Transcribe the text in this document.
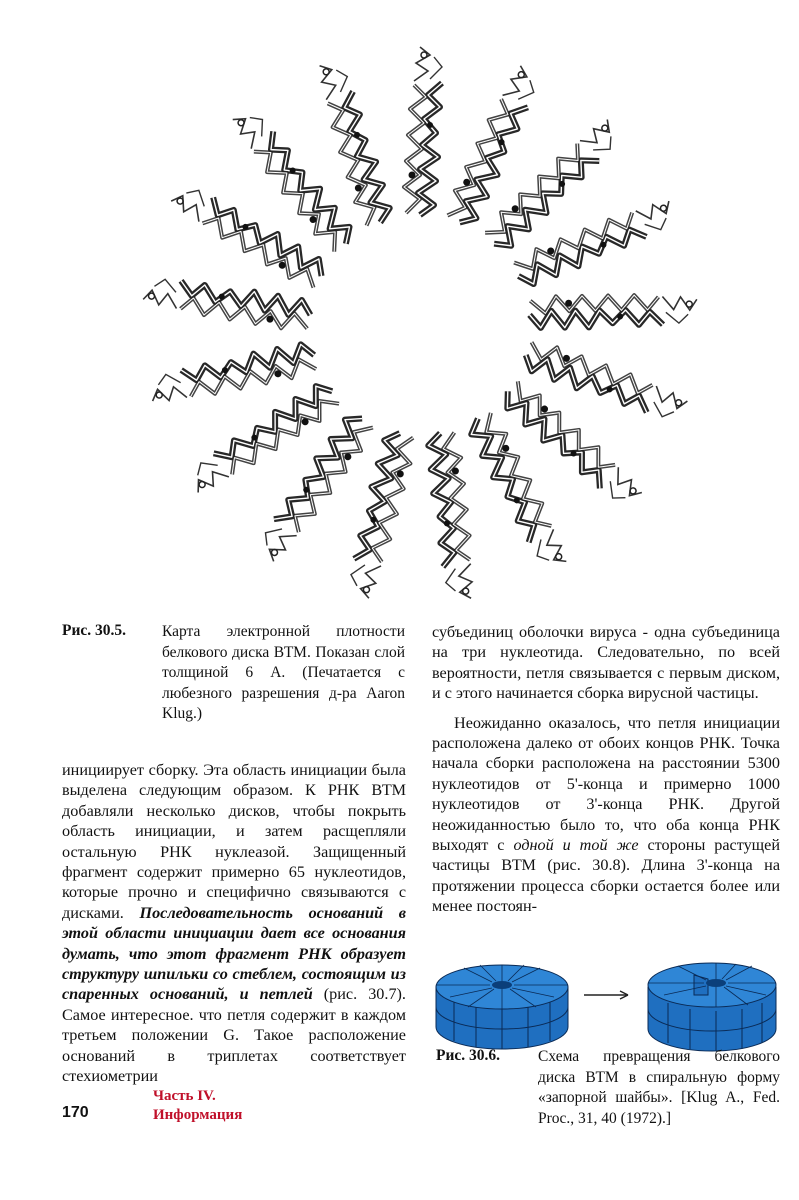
Рис. 30.5. Карта электронной плотности белкового диска ВТМ. Показан слой толщиной 6 А. (Печатается с любезного разрешения д-ра Aaron Klug.)

инициирует сборку. Эта область инициации была выделена следующим образом. К РНК ВТМ добавляли несколько дисков, чтобы покрыть область инициации, и затем расщепляли остальную РНК нуклеазой. Защищенный фрагмент содержит примерно 65 нуклеотидов, которые прочно и специфично связываются с дисками. Последовательность оснований в этой области инициации дает все основания думать, что этот фрагмент РНК образует структуру шпильки со стеблем, состоящим из спаренных оснований, и петлей (рис. 30.7). Самое интересное. что петля содержит в каждом третьем положении G. Такое расположение оснований в триплетах соответствует стехиометрии

субъединиц оболочки вируса - одна субъединица на три нуклеотида. Следовательно, по всей вероятности, петля связывается с первым диском, и с этого начинается сборка вирусной частицы.

Неожиданно оказалось, что петля инициации расположена далеко от обоих концов РНК. Точка начала сборки расположена на расстоянии 5300 нуклеотидов от 5'-конца и примерно 1000 нуклеотидов от 3'-конца РНК. Другой неожиданностью было то, что оба конца РНК выходят с одной и той же стороны растущей частицы ВТМ (рис. 30.8). Длина 3'-конца на протяжении процесса сборки остается более или менее постоян-

Рис. 30.6. Схема превращения белкового диска ВТМ в спиральную форму «запорной шайбы». [Klug A., Fed. Proc., 31, 40 (1972).]
170
Часть IV.
Информация
